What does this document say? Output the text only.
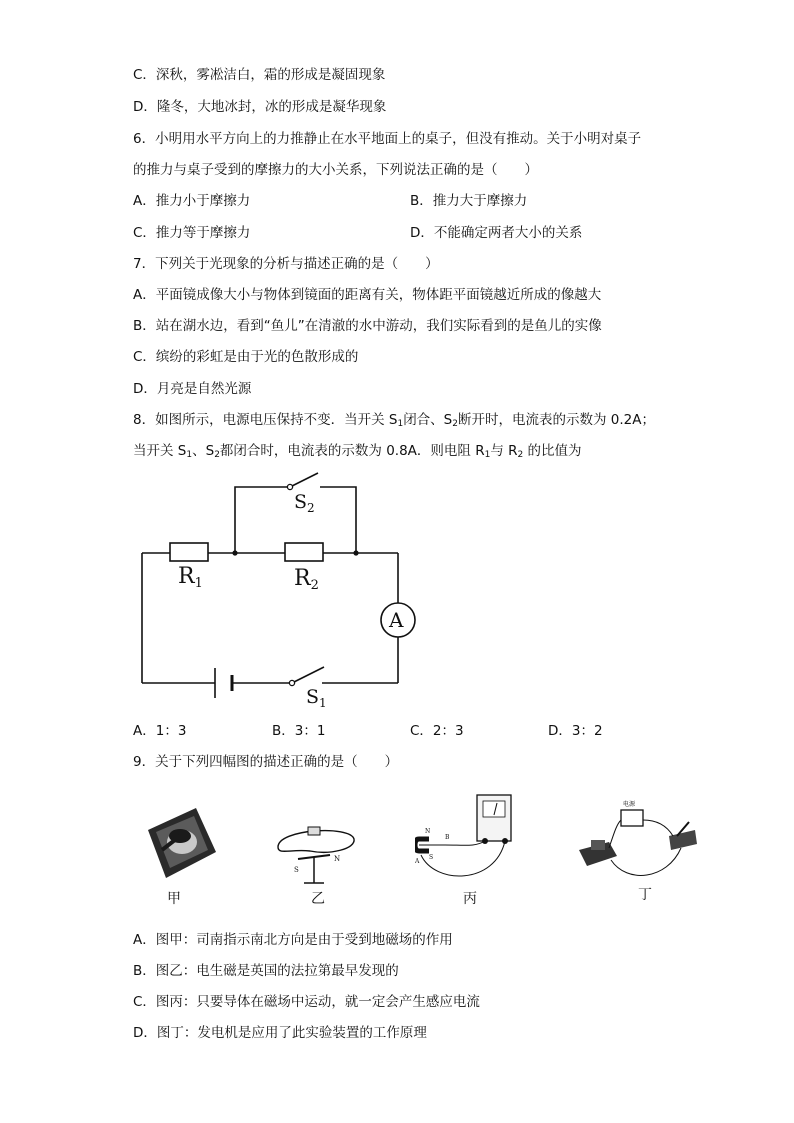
C．深秋，雾凇洁白，霜的形成是凝固现象
D．隆冬，大地冰封，冰的形成是凝华现象
6．小明用水平方向上的力推静止在水平地面上的桌子，但没有推动。关于小明对桌子
的推力与桌子受到的摩擦力的大小关系，下列说法正确的是（　　）
A．推力小于摩擦力	B．推力大于摩擦力
C．推力等于摩擦力	D．不能确定两者大小的关系
7．下列关于光现象的分析与描述正确的是（　　）
A．平面镜成像大小与物体到镜面的距离有关，物体距平面镜越近所成的像越大
B．站在湖水边，看到“鱼儿”在清澈的水中游动，我们实际看到的是鱼儿的实像
C．缤纷的彩虹是由于光的色散形成的
D．月亮是自然光源
8．如图所示，电源电压保持不变．当开关 $S_1$闭合、$S_2$断开时，电流表的示数为 0.2A；
当开关 $S_1$、$S_2$都闭合时，电流表的示数为 0.8A．则电阻 $R_1$与 $R_2$ 的比值为
$S_2$
R1	R2
A
$S_1$
A．1：3	B．3：1	C．2：3	D．3：2
9．关于下列四幅图的描述正确的是（　　）
甲
S
N
乙
N
B
A
S
丙
电源
丁
A．图甲：司南指示南北方向是由于受到地磁场的作用
B．图乙：电生磁是英国的法拉第最早发现的
C．图丙：只要导体在磁场中运动，就一定会产生感应电流
D．图丁：发电机是应用了此实验装置的工作原理
